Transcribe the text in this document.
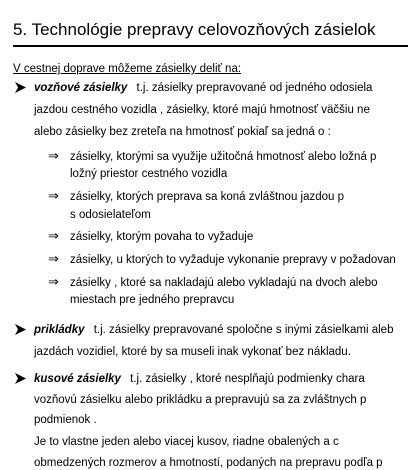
5. Technológie prepravy celovozňových zásielok
V cestnej doprave môžeme zásielky deliť na:
vozňové zásielky t.j. zásielky prepravované od jedného odosiela
jazdou cestného vozidla , zásielky, ktoré majú hmotnosť väčšiu ne
alebo zásielky bez zreteľa na hmotnosť pokiaľ sa jedná o :
⇒ zásielky, ktorými sa využije užitočná hmotnosť alebo ložná p
ložný priestor cestného vozidla
⇒ zásielky, ktorých preprava sa koná zvláštnou jazdou p
s odosielateľom
⇒ zásielky, ktorým povaha to vyžaduje
⇒ zásielky, u ktorých to vyžaduje vykonanie prepravy v požadovan
⇒ zásielky , ktoré sa nakladajú alebo vykladajú na dvoch alebo
miestach pre jedného prepravcu
prikládky t.j. zásielky prepravované spoločne s inými zásielkami aleb
jazdách vozidiel, ktoré by sa museli inak vykonať bez nákladu.
kusové zásielky t.j. zásielky , ktoré nesplňajú podmienky chara
vozňovú zásielku alebo prikládku a prepravujú sa za zvláštnych p
podmienok .
Je to vlastne jeden alebo viacej kusov, riadne obalených a c
obmedzených rozmerov a hmotností, podaných na prepravu podľa p
